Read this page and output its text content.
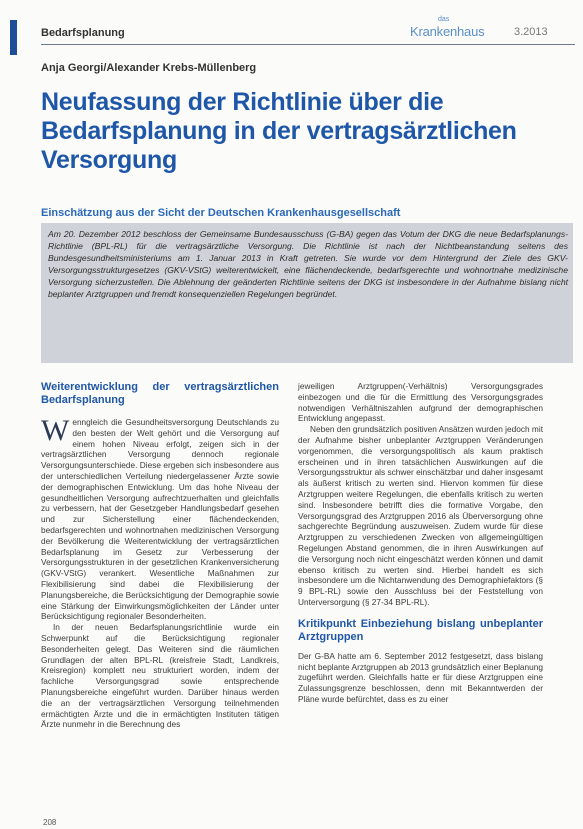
Bedarfsplanung
das
Krankenhaus	3.2013
Anja Georgi/Alexander Krebs-Müllenberg
Neufassung der Richtlinie über die Bedarfsplanung in der vertragsärztlichen Versorgung
Einschätzung aus der Sicht der Deutschen Krankenhausgesellschaft

Am 20. Dezember 2012 beschloss der Gemeinsame Bundesausschuss (G-BA) gegen das Votum der DKG die neue Bedarfsplanungs-Richtlinie (BPL-RL) für die vertragsärztliche Versorgung. Die Richtlinie ist nach der Nichtbeanstandung seitens des Bundesgesundheitsministeriums am 1. Januar 2013 in Kraft getreten. Sie wurde vor dem Hintergrund der Ziele des GKV-Versorgungsstrukturgesetzes (GKV-VStG) weiterentwickelt, eine flächendeckende, bedarfsgerechte und wohnortnahe medizinische Versorgung sicherzustellen. Die Ablehnung der geänderten Richtlinie seitens der DKG ist insbesondere in der Aufnahme bislang nicht beplanter Arztgruppen und fremdt konsequenziellen Regelungen begründet.

Weiterentwicklung der vertragsärztlichen Bedarfsplanung

Wenngleich die Gesundheitsversorgung Deutschlands zu den besten der Welt gehört und die Versorgung auf einem hohen Niveau erfolgt, zeigen sich in der vertragsärztlichen Versorgung dennoch regionale Versorgungsunterschiede. Diese ergeben sich insbesondere aus der unterschiedlichen Verteilung niedergelassener Ärzte sowie der demographischen Entwicklung. Um das hohe Niveau der gesundheitlichen Versorgung aufrechtzuerhalten und gleichfalls zu verbessern, hat der Gesetzgeber Handlungsbedarf gesehen und zur Sicherstellung einer flächendeckenden, bedarfsgerechten und wohnortnahen medizinischen Versorgung der Bevölkerung die Weiterentwicklung der vertragsärztlichen Bedarfsplanung im Gesetz zur Verbesserung der Versorgungsstrukturen in der gesetzlichen Krankenversicherung (GKV-VStG) verankert. Wesentliche Maßnahmen zur Flexibilisierung sind dabei die Flexibilisierung der Planungsbereiche, die Berücksichtigung der Demographie sowie eine Stärkung der Einwirkungsmöglichkeiten der Länder unter Berücksichtigung regionaler Besonderheiten.

In der neuen Bedarfsplanungsrichtlinie wurde ein Schwerpunkt auf die Berücksichtigung regionaler Besonderheiten gelegt. Das Weiteren sind die räumlichen Grundlagen der alten BPL-RL (kreisfreie Stadt, Landkreis, Kreisregion) komplett neu strukturiert worden, indem der fachliche Versorgungsgrad sowie entsprechende Planungsbereiche eingeführt wurden. Darüber hinaus werden die an der vertragsärztlichen Versorgung teilnehmenden ermächtigten Ärzte und die in ermächtigten Instituten tätigen Ärzte nunmehr in die Berechnung des

jeweiligen Arztgruppen(-Verhältnis) Versorgungsgrades einbezogen und die für die Ermittlung des Versorgungsgrades notwendigen Verhältniszahlen aufgrund der demographischen Entwicklung angepasst.

Neben den grundsätzlich positiven Ansätzen wurden jedoch mit der Aufnahme bisher unbeplanter Arztgruppen Veränderungen vorgenommen, die versorgungspolitisch als kaum praktisch erscheinen und in ihren tatsächlichen Auswirkungen auf die Versorgungsstruktur als schwer einschätzbar und daher insgesamt als äußerst kritisch zu werten sind. Hiervon kommen für diese Arztgruppen weitere Regelungen, die ebenfalls kritisch zu werten sind. Insbesondere betrifft dies die formative Vorgabe, den Versorgungsgrad des Arztgruppen 2016 als Überversorgung ohne sachgerechte Begründung auszuweisen. Zudem wurde für diese Arztgruppen zu verschiedenen Zwecken von allgemeingültigen Regelungen Abstand genommen, die in ihren Auswirkungen auf die Versorgung noch nicht eingeschätzt werden können und damit ebenso kritisch zu werten sind. Hierbei handelt es sich insbesondere um die Nichtanwendung des Demographiefaktors (§ 9 BPL-RL) sowie den Ausschluss bei der Feststellung von Unterversorgung (§ 27-34 BPL-RL).

Kritikpunkt Einbeziehung bislang unbeplanter Arztgruppen

Der G-BA hatte am 6. September 2012 festgesetzt, dass bislang nicht beplante Arztgruppen ab 2013 grundsätzlich einer Beplanung zugeführt werden. Gleichfalls hatte er für diese Arztgruppen eine Zulassungsgrenze beschlossen, denn mit Bekanntwerden der Pläne wurde befürchtet, dass es zu einer

208
